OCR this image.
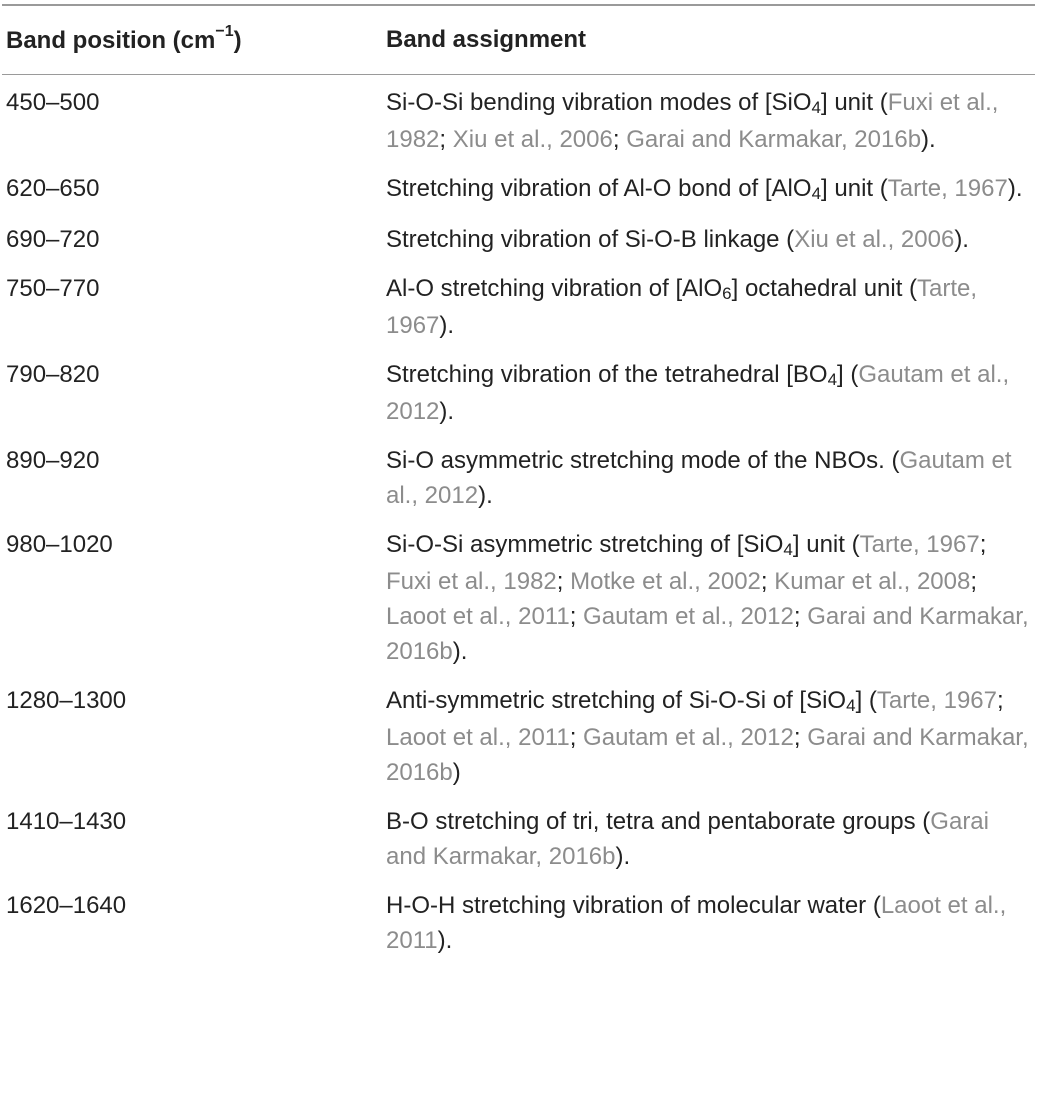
Band position $(cm^{-1})$	Band assignment
450–500	Si-O-Si bending vibration modes of [SiO$_4$] unit (Fuxi et al., 1982; Xiu et al., 2006; Garai and Karmakar, 2016b).
620–650	Stretching vibration of Al-O bond of [AlO$_4$] unit (Tarte, 1967).
690–720	Stretching vibration of Si-O-B linkage (Xiu et al., 2006).
750–770	Al-O stretching vibration of [AlO$_6$] octahedral unit (Tarte, 1967).
790–820	Stretching vibration of the tetrahedral $[BO_4]$ (Gautam et al., 2012).
890–920	Si-O asymmetric stretching mode of the NBOs. (Gautam et al., 2012).
980–1020	Si-O-Si asymmetric stretching of [SiO$_4$] unit (Tarte, 1967; Fuxi et al., 1982; Motke et al., 2002; Kumar et al., 2008; Laoot et al., 2011; Gautam et al., 2012; Garai and Karmakar, 2016b).
1280–1300	Anti-symmetric stretching of Si-O-Si of [SiO$_4$] (Tarte, 1967; Laoot et al., 2011; Gautam et al., 2012; Garai and Karmakar, 2016b)
1410–1430	B-O stretching of tri, tetra and pentaborate groups (Garai and Karmakar, 2016b).
1620–1640	H-O-H stretching vibration of molecular water (Laoot et al., 2011).
